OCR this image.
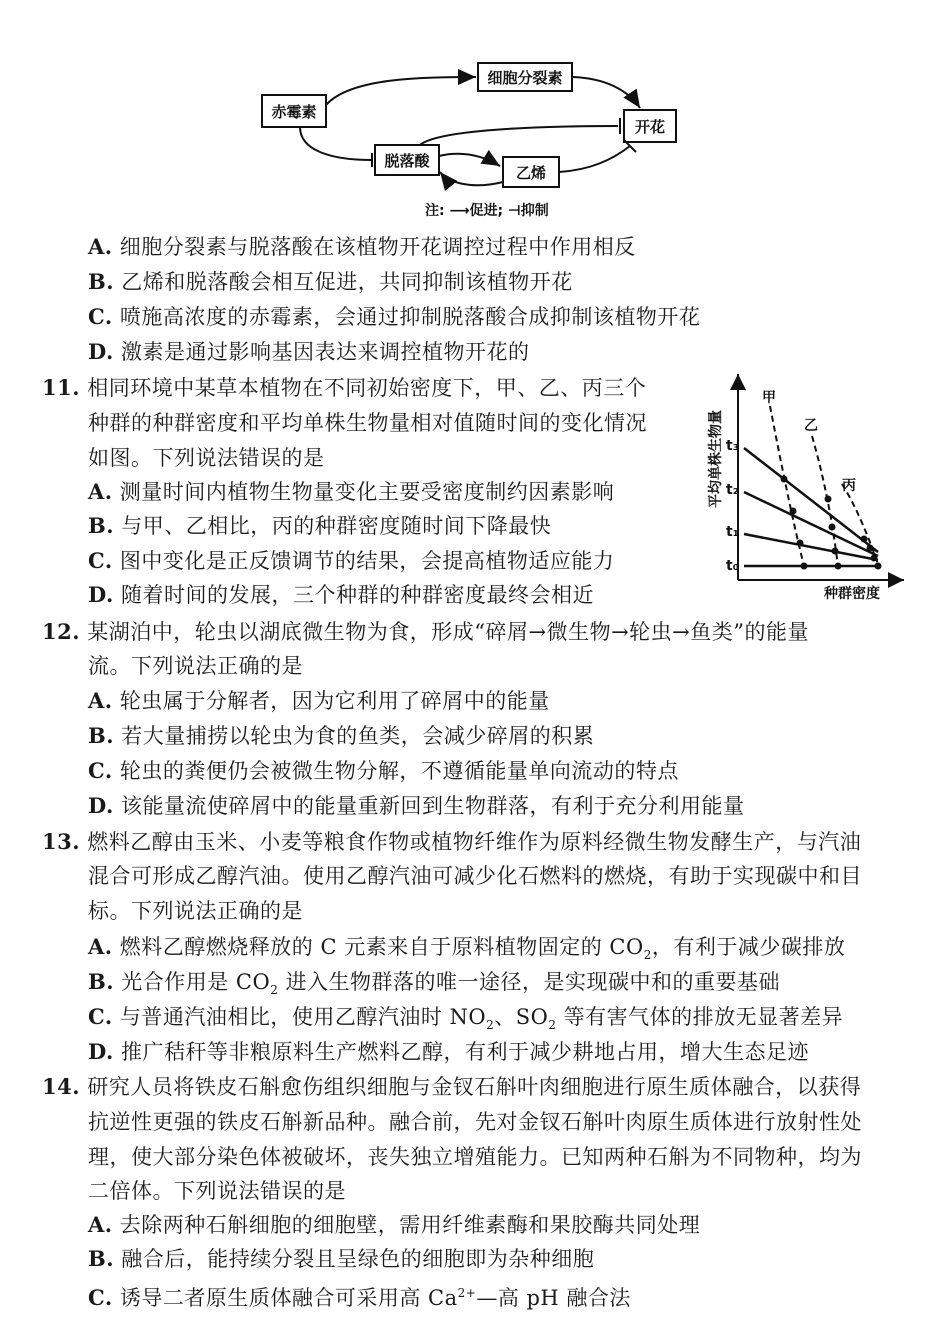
赤霉素
细胞分裂素
脱落酸
乙烯
开花
注: ⟶促进; ⊣抑制
A. 细胞分裂素与脱落酸在该植物开花调控过程中作用相反
B. 乙烯和脱落酸会相互促进，共同抑制该植物开花
C. 喷施高浓度的赤霉素，会通过抑制脱落酸合成抑制该植物开花
D. 激素是通过影响基因表达来调控植物开花的
11. 相同环境中某草本植物在不同初始密度下，甲、乙、丙三个
种群的种群密度和平均单株生物量相对值随时间的变化情况
如图。下列说法错误的是
A. 测量时间内植物生物量变化主要受密度制约因素影响
B. 与甲、乙相比，丙的种群密度随时间下降最快
C. 图中变化是正反馈调节的结果，会提高植物适应能力
D. 随着时间的发展，三个种群的种群密度最终会相近
平均单株生物量
种群密度
甲
乙
丙
t₃
t₂
t₁
t₀
12. 某湖泊中，轮虫以湖底微生物为食，形成“碎屑→微生物→轮虫→鱼类”的能量
流。下列说法正确的是
A. 轮虫属于分解者，因为它利用了碎屑中的能量
B. 若大量捕捞以轮虫为食的鱼类，会减少碎屑的积累
C. 轮虫的粪便仍会被微生物分解，不遵循能量单向流动的特点
D. 该能量流使碎屑中的能量重新回到生物群落，有利于充分利用能量
13. 燃料乙醇由玉米、小麦等粮食作物或植物纤维作为原料经微生物发酵生产，与汽油
混合可形成乙醇汽油。使用乙醇汽油可减少化石燃料的燃烧，有助于实现碳中和目
标。下列说法正确的是
A. 燃料乙醇燃烧释放的 C 元素来自于原料植物固定的 $CO_2$，有利于减少碳排放
B. 光合作用是 $CO_2$ 进入生物群落的唯一途径，是实现碳中和的重要基础
C. 与普通汽油相比，使用乙醇汽油时 $NO_2$、$SO_2$ 等有害气体的排放无显著差异
D. 推广秸秆等非粮原料生产燃料乙醇，有利于减少耕地占用，增大生态足迹
14. 研究人员将铁皮石斛愈伤组织细胞与金钗石斛叶肉细胞进行原生质体融合，以获得
抗逆性更强的铁皮石斛新品种。融合前，先对金钗石斛叶肉原生质体进行放射性处
理，使大部分染色体被破坏，丧失独立增殖能力。已知两种石斛为不同物种，均为
二倍体。下列说法错误的是
A. 去除两种石斛细胞的细胞壁，需用纤维素酶和果胶酶共同处理
B. 融合后，能持续分裂且呈绿色的细胞即为杂种细胞
C. 诱导二者原生质体融合可采用高 $Ca^{2+}—$高 pH 融合法
